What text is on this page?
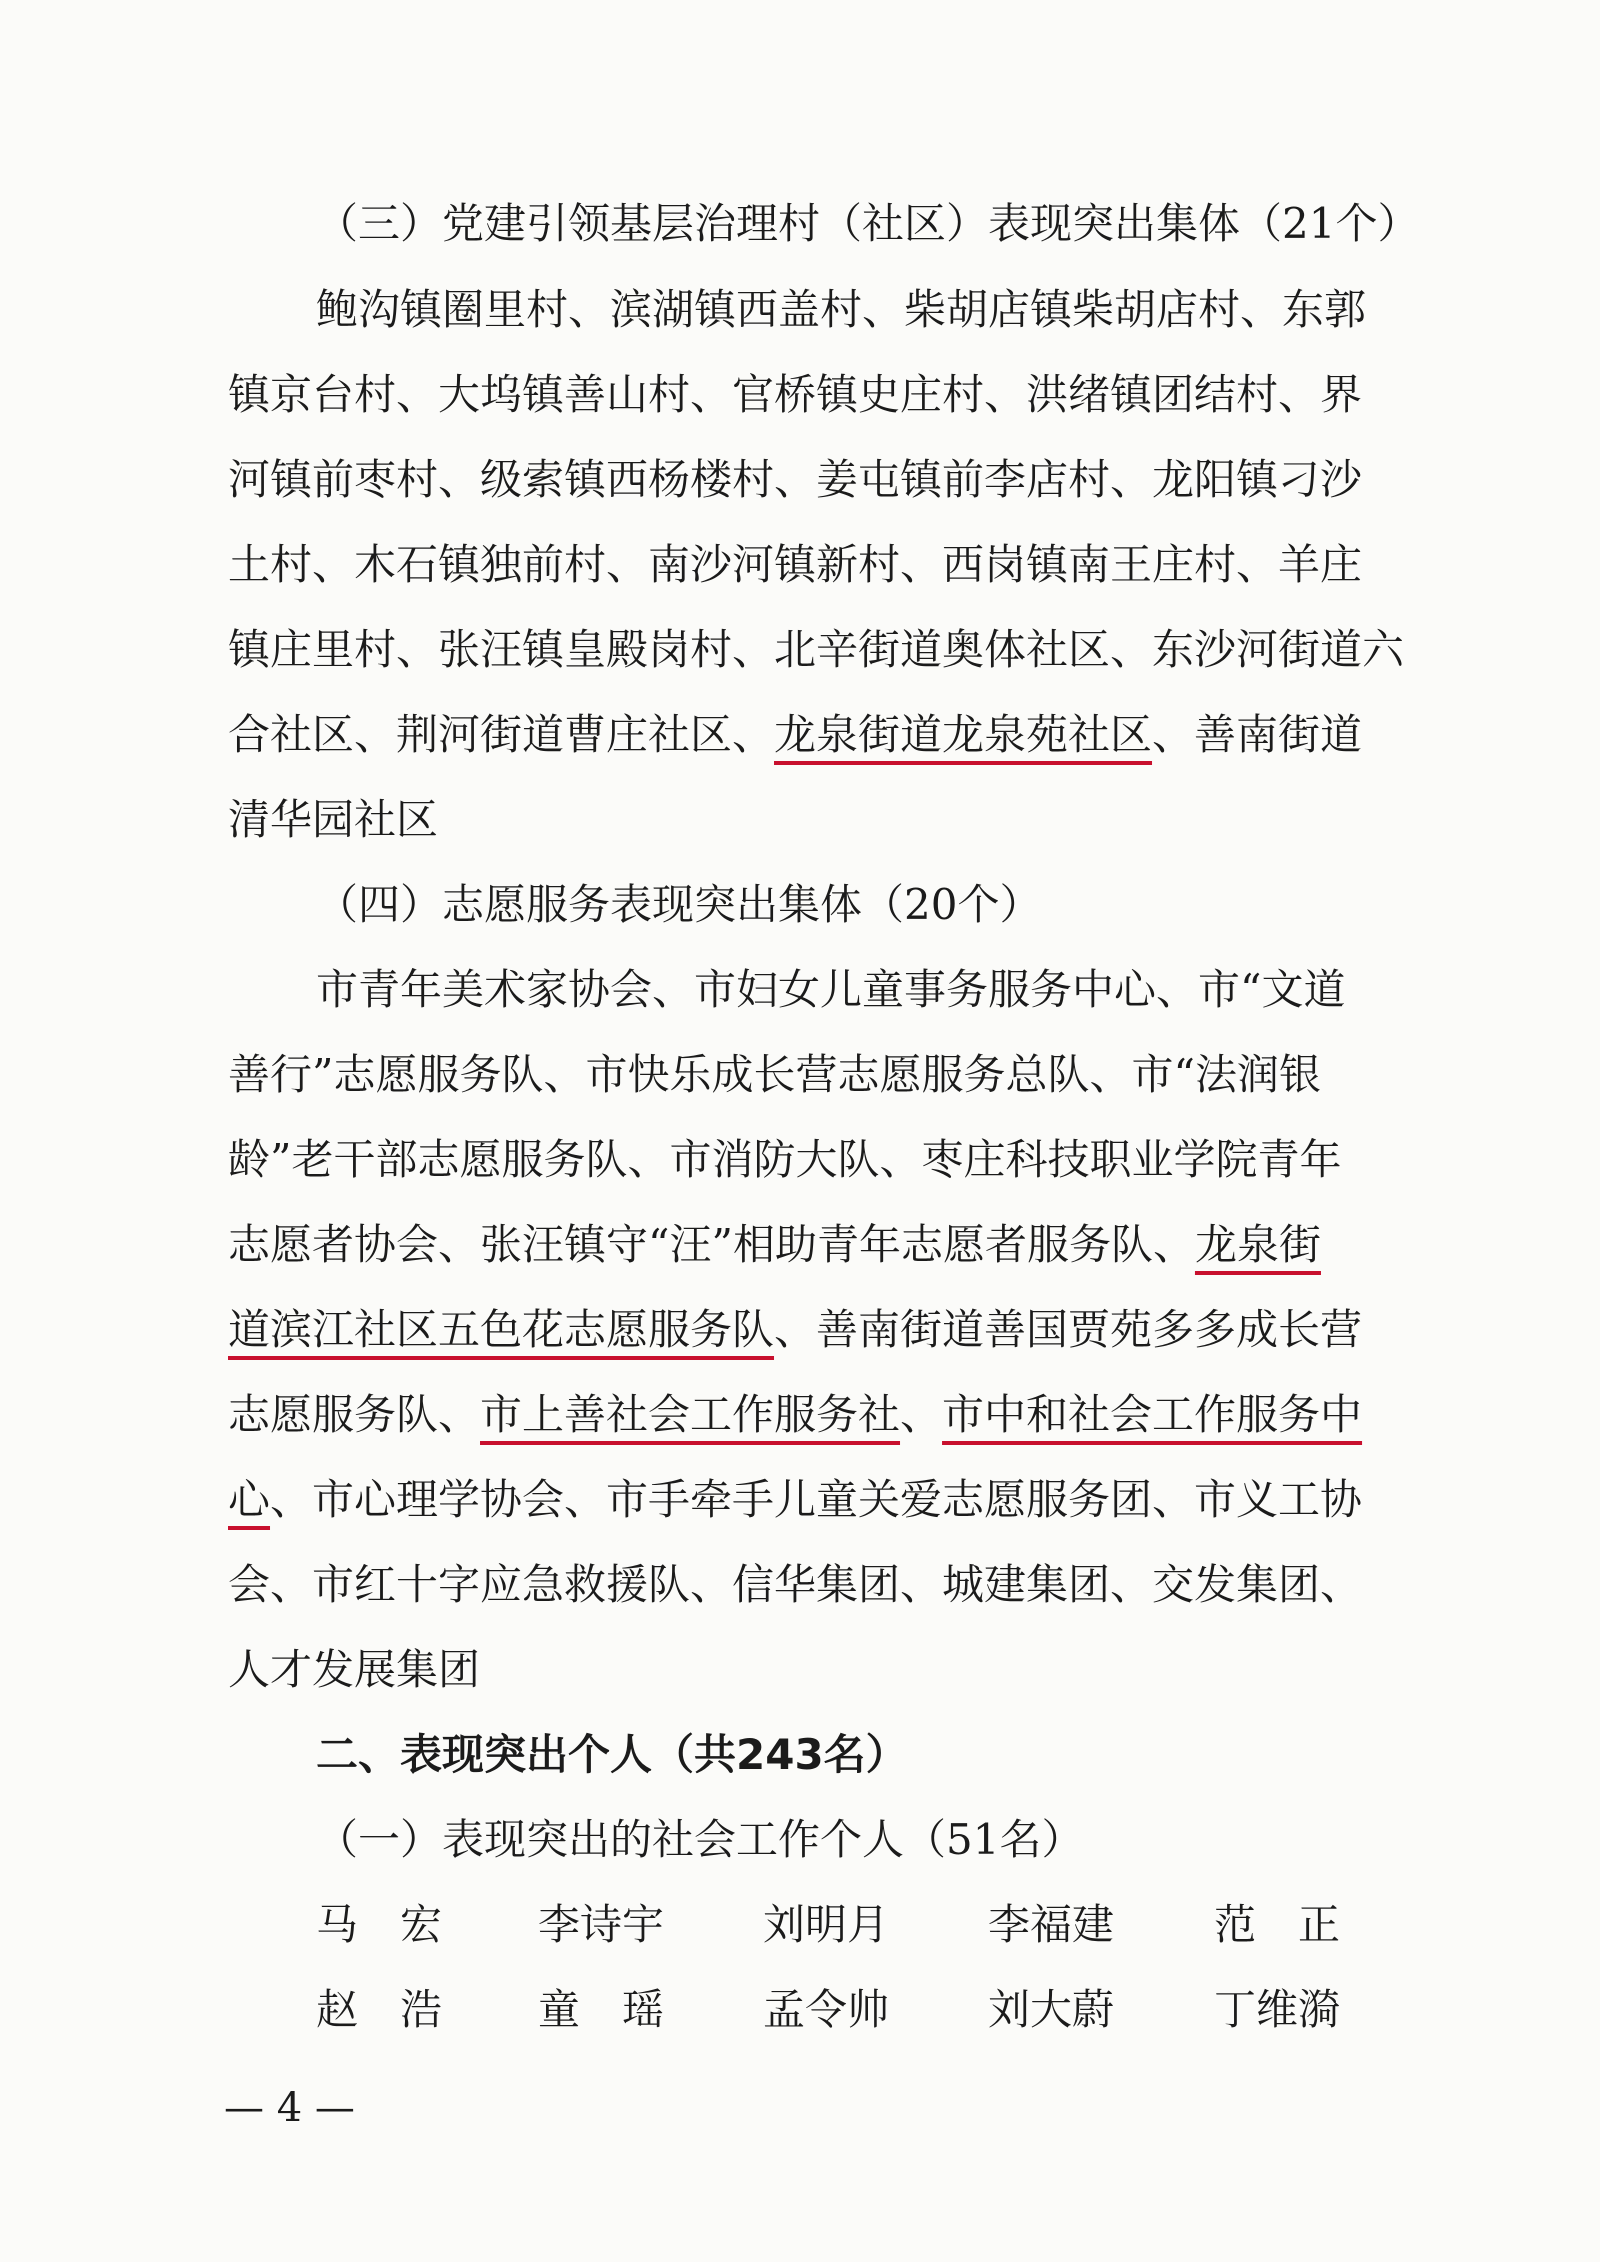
（三）党建引领基层治理村（社区）表现突出集体（21个）

鲍沟镇圈里村、滨湖镇西盖村、柴胡店镇柴胡店村、东郭

镇京台村、大坞镇善山村、官桥镇史庄村、洪绪镇团结村、界

河镇前枣村、级索镇西杨楼村、姜屯镇前李店村、龙阳镇刁沙

土村、木石镇独前村、南沙河镇新村、西岗镇南王庄村、羊庄

镇庄里村、张汪镇皇殿岗村、北辛街道奥体社区、东沙河街道六

合社区、荆河街道曹庄社区、龙泉街道龙泉苑社区、善南街道

清华园社区

（四）志愿服务表现突出集体（20个）

市青年美术家协会、市妇女儿童事务服务中心、市“文道

善行”志愿服务队、市快乐成长营志愿服务总队、市“法润银

龄”老干部志愿服务队、市消防大队、枣庄科技职业学院青年

志愿者协会、张汪镇守“汪”相助青年志愿者服务队、龙泉街

道滨江社区五色花志愿服务队、善南街道善国贾苑多多成长营

志愿服务队、市上善社会工作服务社、市中和社会工作服务中

心、市心理学协会、市手牵手儿童关爱志愿服务团、市义工协

会、市红十字应急救援队、信华集团、城建集团、交发集团、

人才发展集团

二、表现突出个人（共243名）

（一）表现突出的社会工作个人（51名）

马　宏 李诗宇 刘明月 李福建 范　正
赵　浩 童　瑶 孟令帅 刘大蔚 丁维漪
— 4 —
